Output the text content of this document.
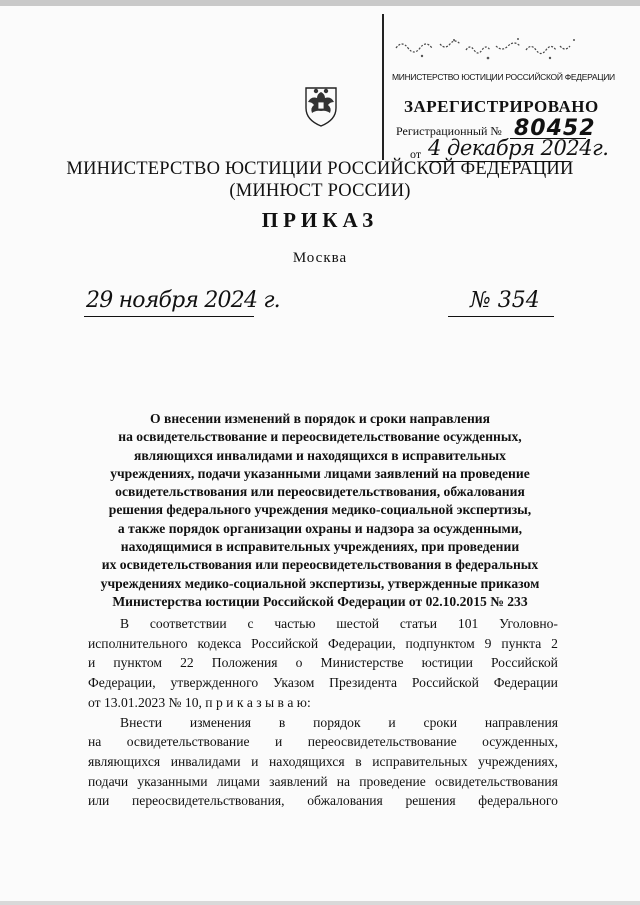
МИНИСТЕРСТВО ЮСТИЦИИ РОССИЙСКОЙ ФЕДЕРАЦИИ
ЗАРЕГИСТРИРОВАНО
Регистрационный № 80452
от 4 декабря 2024г.
МИНИСТЕРСТВО ЮСТИЦИИ РОССИЙСКОЙ ФЕДЕРАЦИИ
(МИНЮСТ РОССИИ)
ПРИКАЗ
Москва
29 ноября 2024 г.	№ 354
О внесении изменений в порядок и сроки направления
на освидетельствование и переосвидетельствование осужденных,
являющихся инвалидами и находящихся в исправительных
учреждениях, подачи указанными лицами заявлений на проведение
освидетельствования или переосвидетельствования, обжалования
решения федерального учреждения медико-социальной экспертизы,
а также порядок организации охраны и надзора за осужденными,
находящимися в исправительных учреждениях, при проведении
их освидетельствования или переосвидетельствования в федеральных
учреждениях медико-социальной экспертизы, утвержденные приказом
Министерства юстиции Российской Федерации от 02.10.2015 № 233
В соответствии с частью шестой статьи 101 Уголовно-
исполнительного кодекса Российской Федерации, подпунктом 9 пункта 2
и пунктом 22 Положения о Министерстве юстиции Российской
Федерации, утвержденного Указом Президента Российской Федерации
от 13.01.2023 № 10, п р и к а з ы в а ю:
Внести изменения в порядок и сроки направления
на освидетельствование и переосвидетельствование осужденных,
являющихся инвалидами и находящихся в исправительных учреждениях,
подачи указанными лицами заявлений на проведение освидетельствования
или переосвидетельствования, обжалования решения федерального
